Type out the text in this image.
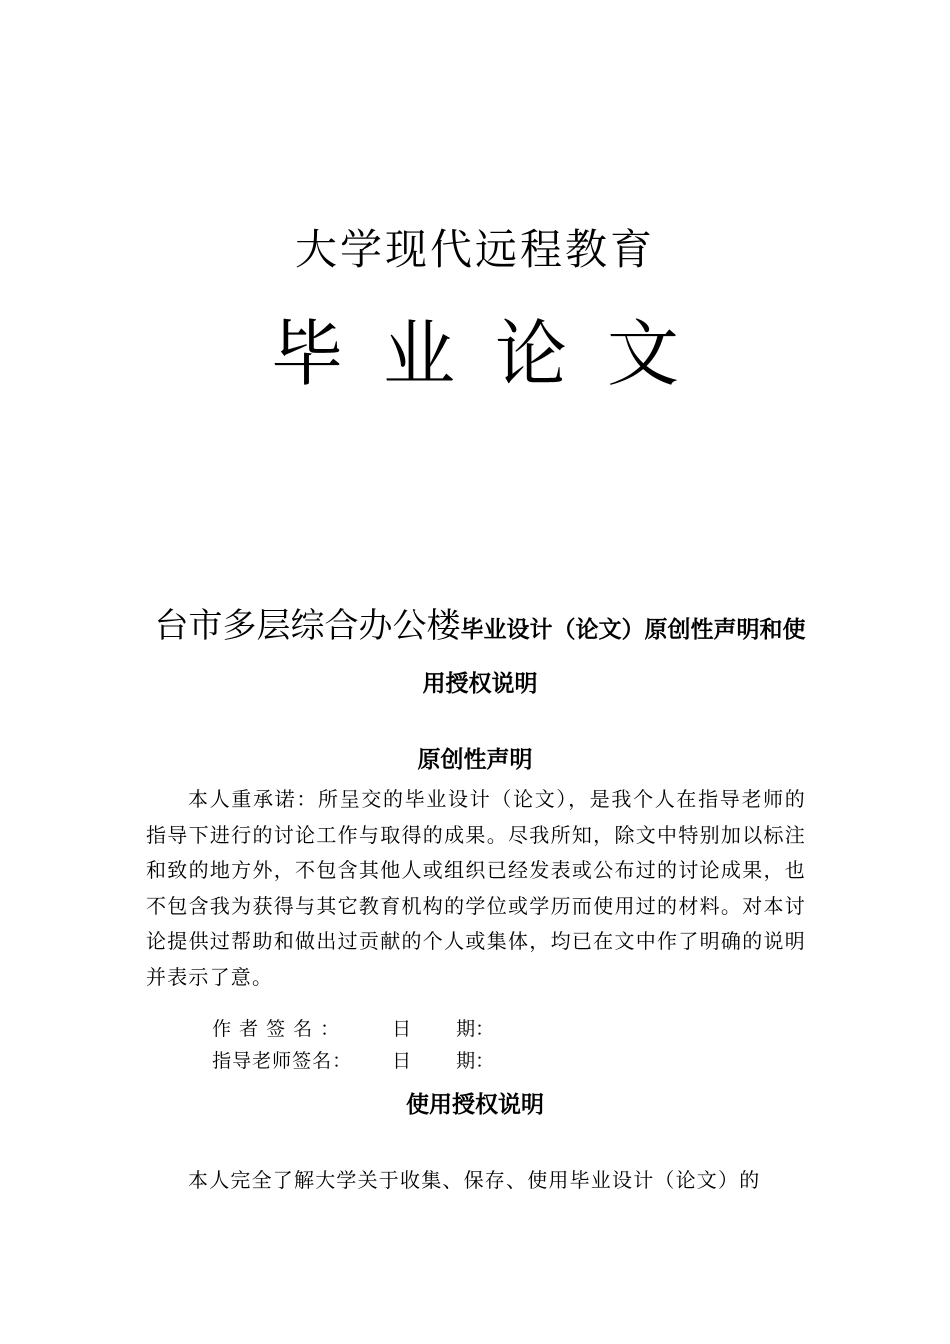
大学现代远程教育
毕 业 论 文
台市多层综合办公楼毕业设计（论文）原创性声明和使用授权说明
原创性声明
本人重承诺：所呈交的毕业设计（论文），是我个人在指导老师的指导下进行的讨论工作与取得的成果。尽我所知，除文中特别加以标注和致的地方外，不包含其他人或组织已经发表或公布过的讨论成果，也不包含我为获得与其它教育机构的学位或学历而使用过的材料。对本讨论提供过帮助和做出过贡献的个人或集体，均已在文中作了明确的说明并表示了意。

作者签名： 日 期：

指导老师签名： 日 期：

使用授权说明
本人完全了解大学关于收集、保存、使用毕业设计（论文）的
